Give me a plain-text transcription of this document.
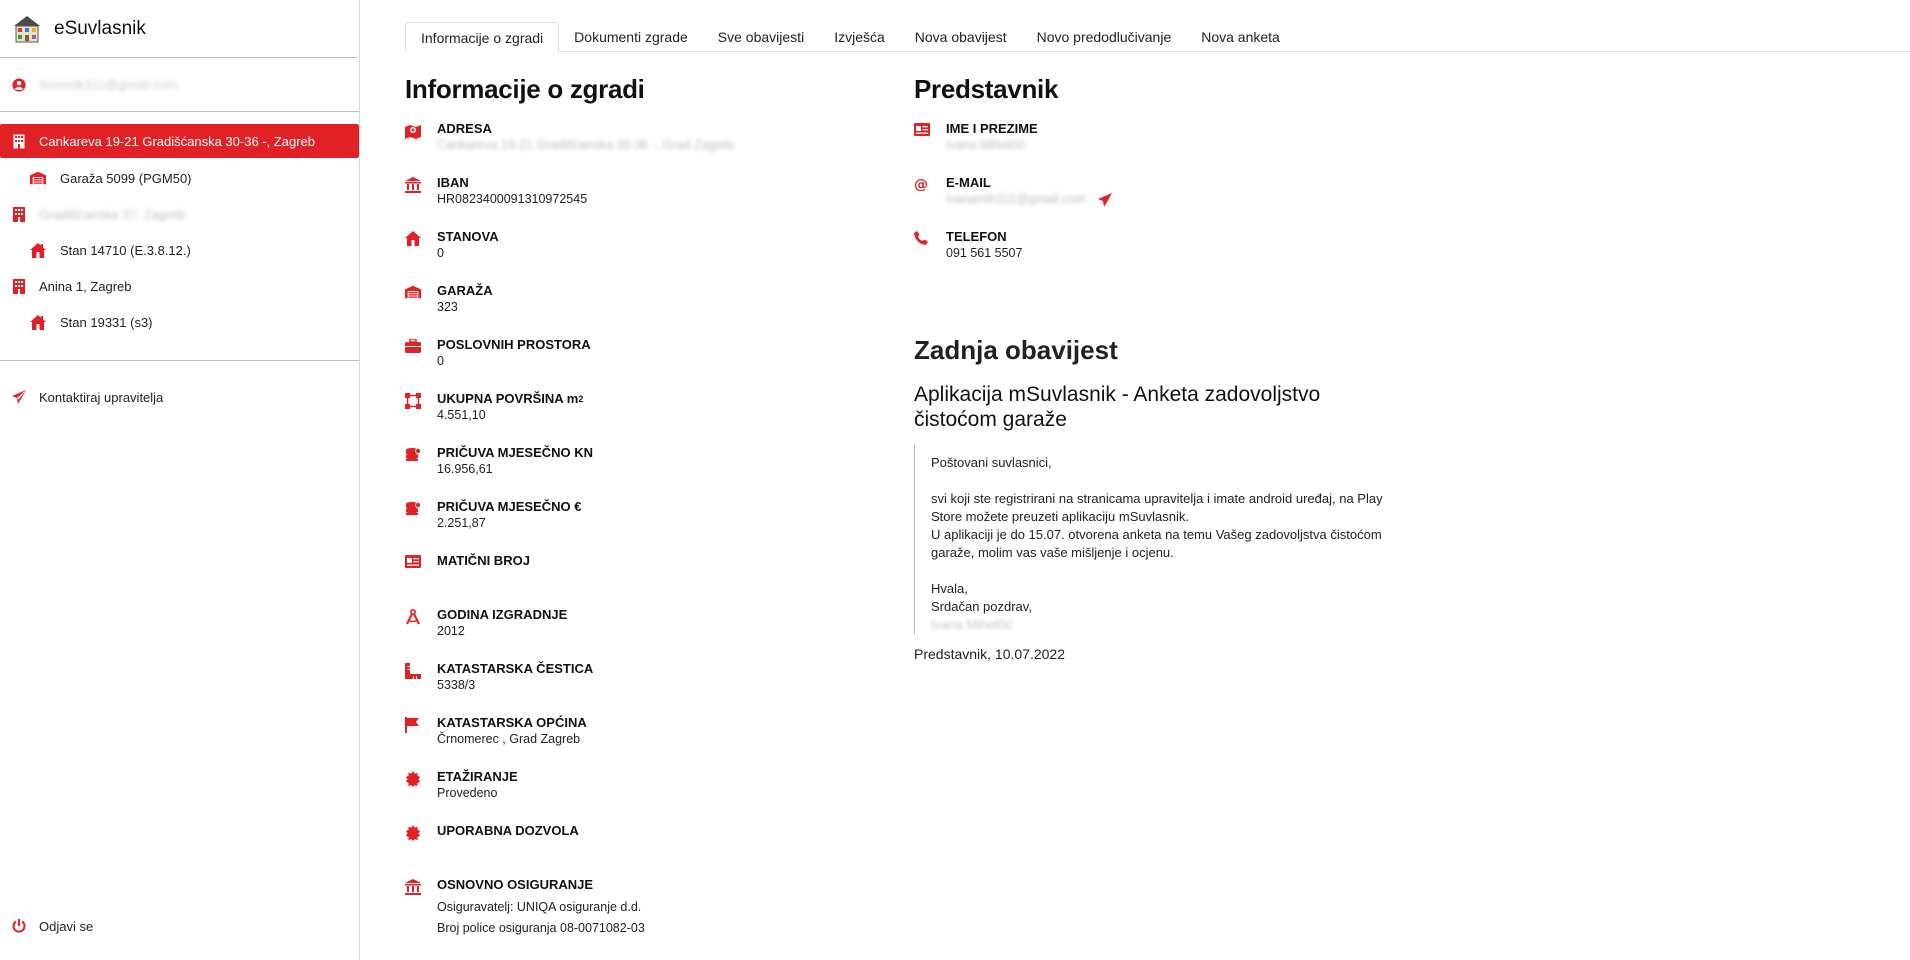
eSuvlasnik
korisnik311@gmail.com
Cankareva 19-21 Gradišćanska 30-36 -, Zagreb
Garaža 5099 (PGM50)
Gradišćanska 3?, Zagreb
Stan 14710 (E.3.8.12.)
Anina 1, Zagreb
Stan 19331 (s3)
Kontaktiraj upravitelja
Odjavi se
Informacije o zgradi	Dokumenti zgrade	Sve obavijesti	Izvješća	Nova obavijest	Novo predodlučivanje	Nova anketa
Informacije o zgradi
ADRESA
Cankareva 19-21 Gradišćanska 30-36 -, Grad Zagreb
IBAN
HR0823400091310972545
STANOVA
0
GARAŽA
323
POSLOVNIH PROSTORA
0
UKUPNA POVRŠINA $m^2$
4.551,10
PRIČUVA MJESEČNO KN
16.956,61
PRIČUVA MJESEČNO €
2.251,87
MATIČNI BROJ
GODINA IZGRADNJE
2012
KATASTARSKA ČESTICA
5338/3
KATASTARSKA OPĆINA
Črnomerec , Grad Zagreb
ETAŽIRANJE
Provedeno
UPORABNA DOZVOLA
OSNOVNO OSIGURANJE
Osiguravatelj: UNIQA osiguranje d.d.
Broj police osiguranja 08-0071082-03
Predstavnik
IME I PREZIME
Ivana Mihelčić
@ E-MAIL
ivanamih311@gmail.com
TELEFON
091 561 5507
Zadnja obavijest
Aplikacija mSuvlasnik - Anketa zadovoljstvo čistoćom garaže

Poštovani suvlasnici,

svi koji ste registrirani na stranicama upravitelja i imate android uređaj, na Play Store možete preuzeti aplikaciju mSuvlasnik.
U aplikaciji je do 15.07. otvorena anketa na temu Vašeg zadovoljstva čistoćom garaže, molim vas vaše mišljenje i ocjenu.

Hvala,
Srdačan pozdrav,
Ivana Mihelčić
Predstavnik, 10.07.2022
